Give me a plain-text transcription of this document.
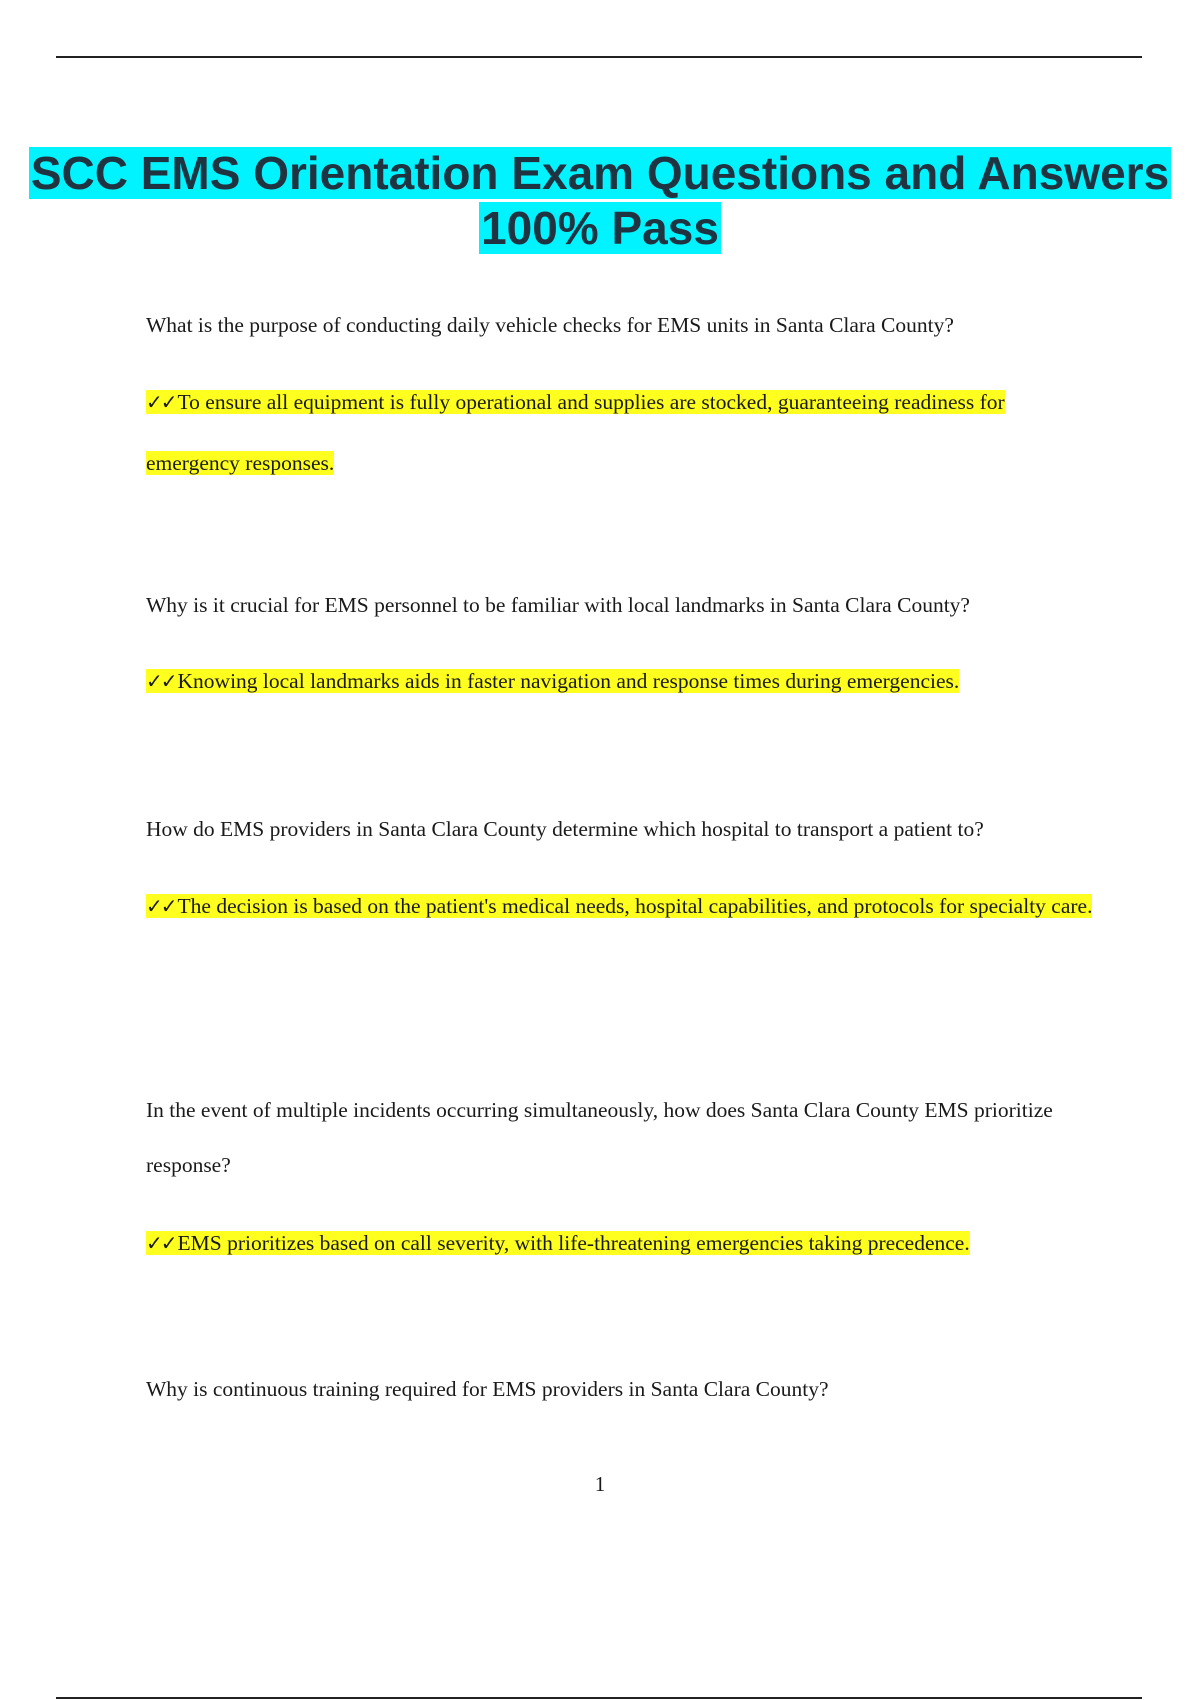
SCC EMS Orientation Exam Questions and Answers 100% Pass
What is the purpose of conducting daily vehicle checks for EMS units in Santa Clara County?
✓✓To ensure all equipment is fully operational and supplies are stocked, guaranteeing readiness for emergency responses.
Why is it crucial for EMS personnel to be familiar with local landmarks in Santa Clara County?
✓✓Knowing local landmarks aids in faster navigation and response times during emergencies.
How do EMS providers in Santa Clara County determine which hospital to transport a patient to?
✓✓The decision is based on the patient's medical needs, hospital capabilities, and protocols for specialty care.
In the event of multiple incidents occurring simultaneously, how does Santa Clara County EMS prioritize response?
✓✓EMS prioritizes based on call severity, with life-threatening emergencies taking precedence.
Why is continuous training required for EMS providers in Santa Clara County?
1
